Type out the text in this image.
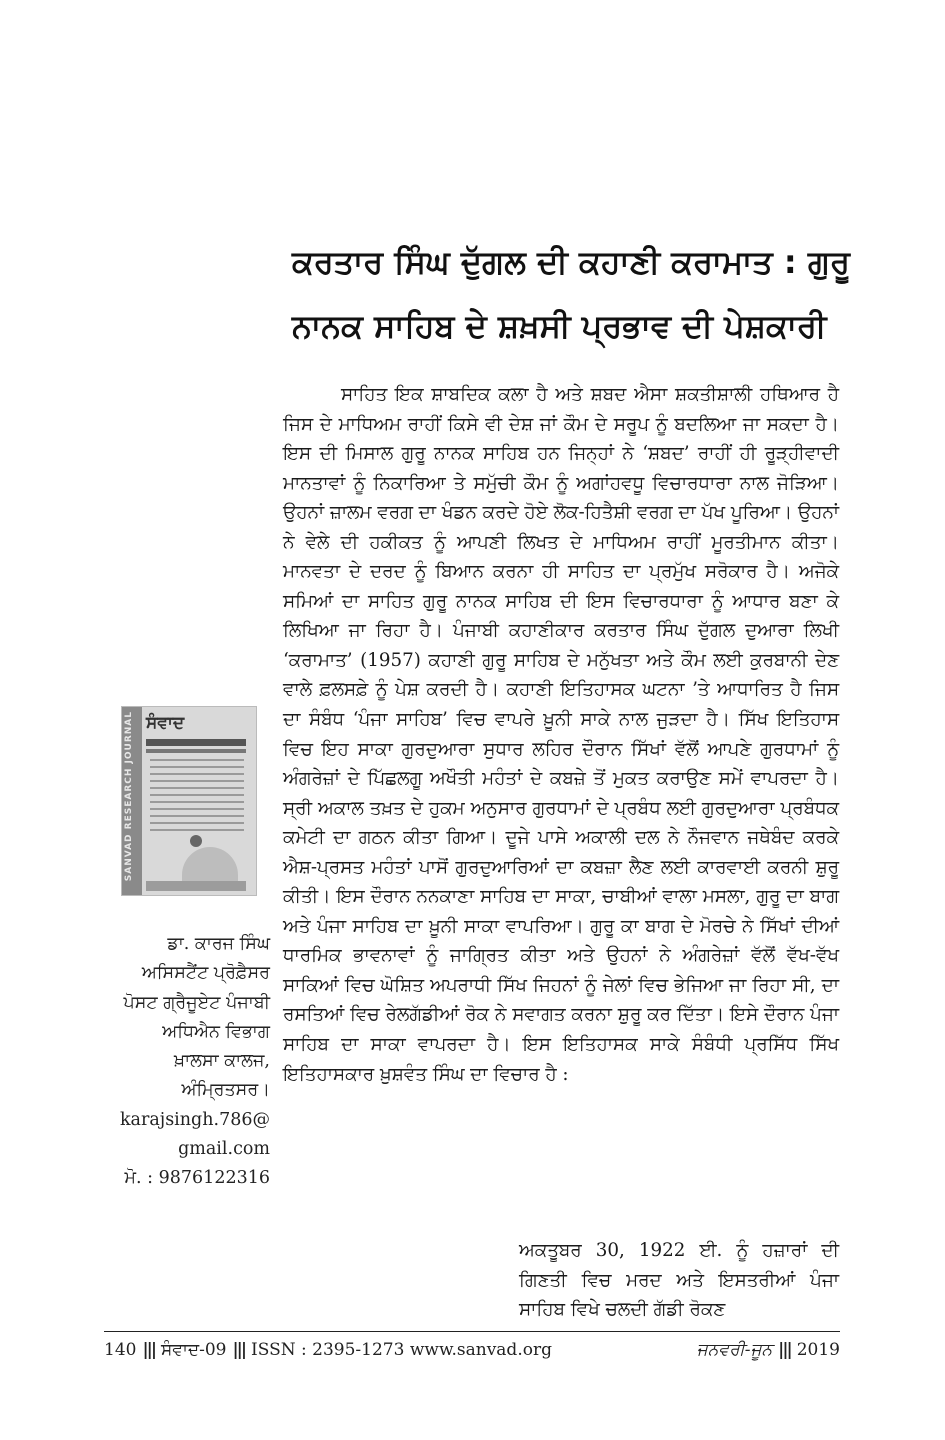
ਕਰਤਾਰ ਸਿੰਘ ਦੁੱਗਲ ਦੀ ਕਹਾਣੀ ਕਰਾਮਾਤ : ਗੁਰੂ
ਨਾਨਕ ਸਾਹਿਬ ਦੇ ਸ਼ਖ਼ਸੀ ਪ੍ਰਭਾਵ ਦੀ ਪੇਸ਼ਕਾਰੀ

ਸਾਹਿਤ ਇਕ ਸ਼ਾਬਦਿਕ ਕਲਾ ਹੈ ਅਤੇ ਸ਼ਬਦ ਐਸਾ ਸ਼ਕਤੀਸ਼ਾਲੀ ਹਥਿਆਰ ਹੈ ਜਿਸ ਦੇ ਮਾਧਿਅਮ ਰਾਹੀਂ ਕਿਸੇ ਵੀ ਦੇਸ਼ ਜਾਂ ਕੌਮ ਦੇ ਸਰੂਪ ਨੂੰ ਬਦਲਿਆ ਜਾ ਸਕਦਾ ਹੈ। ਇਸ ਦੀ ਮਿਸਾਲ ਗੁਰੂ ਨਾਨਕ ਸਾਹਿਬ ਹਨ ਜਿਨ੍ਹਾਂ ਨੇ ‘ਸ਼ਬਦ’ ਰਾਹੀਂ ਹੀ ਰੂੜ੍ਹੀਵਾਦੀ ਮਾਨਤਾਵਾਂ ਨੂੰ ਨਿਕਾਰਿਆ ਤੇ ਸਮੁੱਚੀ ਕੌਮ ਨੂੰ ਅਗਾਂਹਵਧੂ ਵਿਚਾਰਧਾਰਾ ਨਾਲ ਜੋੜਿਆ। ਉਹਨਾਂ ਜ਼ਾਲਮ ਵਰਗ ਦਾ ਖੰਡਨ ਕਰਦੇ ਹੋਏ ਲੋਕ-ਹਿਤੈਸ਼ੀ ਵਰਗ ਦਾ ਪੱਖ ਪੂਰਿਆ। ਉਹਨਾਂ ਨੇ ਵੇਲੇ ਦੀ ਹਕੀਕਤ ਨੂੰ ਆਪਣੀ ਲਿਖਤ ਦੇ ਮਾਧਿਅਮ ਰਾਹੀਂ ਮੂਰਤੀਮਾਨ ਕੀਤਾ। ਮਾਨਵਤਾ ਦੇ ਦਰਦ ਨੂੰ ਬਿਆਨ ਕਰਨਾ ਹੀ ਸਾਹਿਤ ਦਾ ਪ੍ਰਮੁੱਖ ਸਰੋਕਾਰ ਹੈ। ਅਜੋਕੇ ਸਮਿਆਂ ਦਾ ਸਾਹਿਤ ਗੁਰੂ ਨਾਨਕ ਸਾਹਿਬ ਦੀ ਇਸ ਵਿਚਾਰਧਾਰਾ ਨੂੰ ਆਧਾਰ ਬਣਾ ਕੇ ਲਿਖਿਆ ਜਾ ਰਿਹਾ ਹੈ। ਪੰਜਾਬੀ ਕਹਾਣੀਕਾਰ ਕਰਤਾਰ ਸਿੰਘ ਦੁੱਗਲ ਦੁਆਰਾ ਲਿਖੀ ‘ਕਰਾਮਾਤ’ (1957) ਕਹਾਣੀ ਗੁਰੂ ਸਾਹਿਬ ਦੇ ਮਨੁੱਖਤਾ ਅਤੇ ਕੌਮ ਲਈ ਕੁਰਬਾਨੀ ਦੇਣ ਵਾਲੇ ਫ਼ਲਸਫ਼ੇ ਨੂੰ ਪੇਸ਼ ਕਰਦੀ ਹੈ। ਕਹਾਣੀ ਇਤਿਹਾਸਕ ਘਟਨਾ ’ਤੇ ਆਧਾਰਿਤ ਹੈ ਜਿਸ ਦਾ ਸੰਬੰਧ ‘ਪੰਜਾ ਸਾਹਿਬ’ ਵਿਚ ਵਾਪਰੇ ਖ਼ੂਨੀ ਸਾਕੇ ਨਾਲ ਜੁੜਦਾ ਹੈ। ਸਿੱਖ ਇਤਿਹਾਸ ਵਿਚ ਇਹ ਸਾਕਾ ਗੁਰਦੁਆਰਾ ਸੁਧਾਰ ਲਹਿਰ ਦੌਰਾਨ ਸਿੱਖਾਂ ਵੱਲੋਂ ਆਪਣੇ ਗੁਰਧਾਮਾਂ ਨੂੰ ਅੰਗਰੇਜ਼ਾਂ ਦੇ ਪਿੱਛਲਗੂ ਅਖੌਤੀ ਮਹੰਤਾਂ ਦੇ ਕਬਜ਼ੇ ਤੋਂ ਮੁਕਤ ਕਰਾਉਣ ਸਮੇਂ ਵਾਪਰਦਾ ਹੈ। ਸ੍ਰੀ ਅਕਾਲ ਤਖ਼ਤ ਦੇ ਹੁਕਮ ਅਨੁਸਾਰ ਗੁਰਧਾਮਾਂ ਦੇ ਪ੍ਰਬੰਧ ਲਈ ਗੁਰਦੁਆਰਾ ਪ੍ਰਬੰਧਕ ਕਮੇਟੀ ਦਾ ਗਠਨ ਕੀਤਾ ਗਿਆ। ਦੂਜੇ ਪਾਸੇ ਅਕਾਲੀ ਦਲ ਨੇ ਨੌਜਵਾਨ ਜਥੇਬੰਦ ਕਰਕੇ ਐਸ਼-ਪ੍ਰਸਤ ਮਹੰਤਾਂ ਪਾਸੋਂ ਗੁਰਦੁਆਰਿਆਂ ਦਾ ਕਬਜ਼ਾ ਲੈਣ ਲਈ ਕਾਰਵਾਈ ਕਰਨੀ ਸ਼ੁਰੂ ਕੀਤੀ। ਇਸ ਦੌਰਾਨ ਨਨਕਾਣਾ ਸਾਹਿਬ ਦਾ ਸਾਕਾ, ਚਾਬੀਆਂ ਵਾਲਾ ਮਸਲਾ, ਗੁਰੂ ਦਾ ਬਾਗ ਅਤੇ ਪੰਜਾ ਸਾਹਿਬ ਦਾ ਖ਼ੂਨੀ ਸਾਕਾ ਵਾਪਰਿਆ। ਗੁਰੂ ਕਾ ਬਾਗ ਦੇ ਮੋਰਚੇ ਨੇ ਸਿੱਖਾਂ ਦੀਆਂ ਧਾਰਮਿਕ ਭਾਵਨਾਵਾਂ ਨੂੰ ਜਾਗ੍ਰਿਤ ਕੀਤਾ ਅਤੇ ਉਹਨਾਂ ਨੇ ਅੰਗਰੇਜ਼ਾਂ ਵੱਲੋਂ ਵੱਖ-ਵੱਖ ਸਾਕਿਆਂ ਵਿਚ ਘੋਸ਼ਿਤ ਅਪਰਾਧੀ ਸਿੱਖ ਜਿਹਨਾਂ ਨੂੰ ਜੇਲਾਂ ਵਿਚ ਭੇਜਿਆ ਜਾ ਰਿਹਾ ਸੀ, ਦਾ ਰਸਤਿਆਂ ਵਿਚ ਰੇਲਗੱਡੀਆਂ ਰੋਕ ਨੇ ਸਵਾਗਤ ਕਰਨਾ ਸ਼ੁਰੂ ਕਰ ਦਿੱਤਾ। ਇਸੇ ਦੌਰਾਨ ਪੰਜਾ ਸਾਹਿਬ ਦਾ ਸਾਕਾ ਵਾਪਰਦਾ ਹੈ। ਇਸ ਇਤਿਹਾਸਕ ਸਾਕੇ ਸੰਬੰਧੀ ਪ੍ਰਸਿੱਧ ਸਿੱਖ ਇਤਿਹਾਸਕਾਰ ਖ਼ੁਸ਼ਵੰਤ ਸਿੰਘ ਦਾ ਵਿਚਾਰ ਹੈ :

ਅਕਤੂਬਰ 30, 1922 ਈ. ਨੂੰ ਹਜ਼ਾਰਾਂ ਦੀ ਗਿਣਤੀ ਵਿਚ ਮਰਦ ਅਤੇ ਇਸਤਰੀਆਂ ਪੰਜਾ ਸਾਹਿਬ ਵਿਖੇ ਚਲਦੀ ਗੱਡੀ ਰੋਕਣ

SANVAD RESEARCH JOURNAL ਸੰਵਾਦ
ਡਾ. ਕਾਰਜ ਸਿੰਘ
ਅਸਿਸਟੈਂਟ ਪ੍ਰੋਫ਼ੈਸਰ
ਪੋਸਟ ਗ੍ਰੈਜੂਏਟ ਪੰਜਾਬੀ
ਅਧਿਐਨ ਵਿਭਾਗ
ਖ਼ਾਲਸਾ ਕਾਲਜ,
ਅੰਮ੍ਰਿਤਸਰ।
karajsingh.786@
gmail.com
ਮੋ. : 9876122316
140 ||| ਸੰਵਾਦ-09 ||| ISSN : 2395-1273 www.sanvad.org	ਜਨਵਰੀ-ਜੂਨ ||| 2019
